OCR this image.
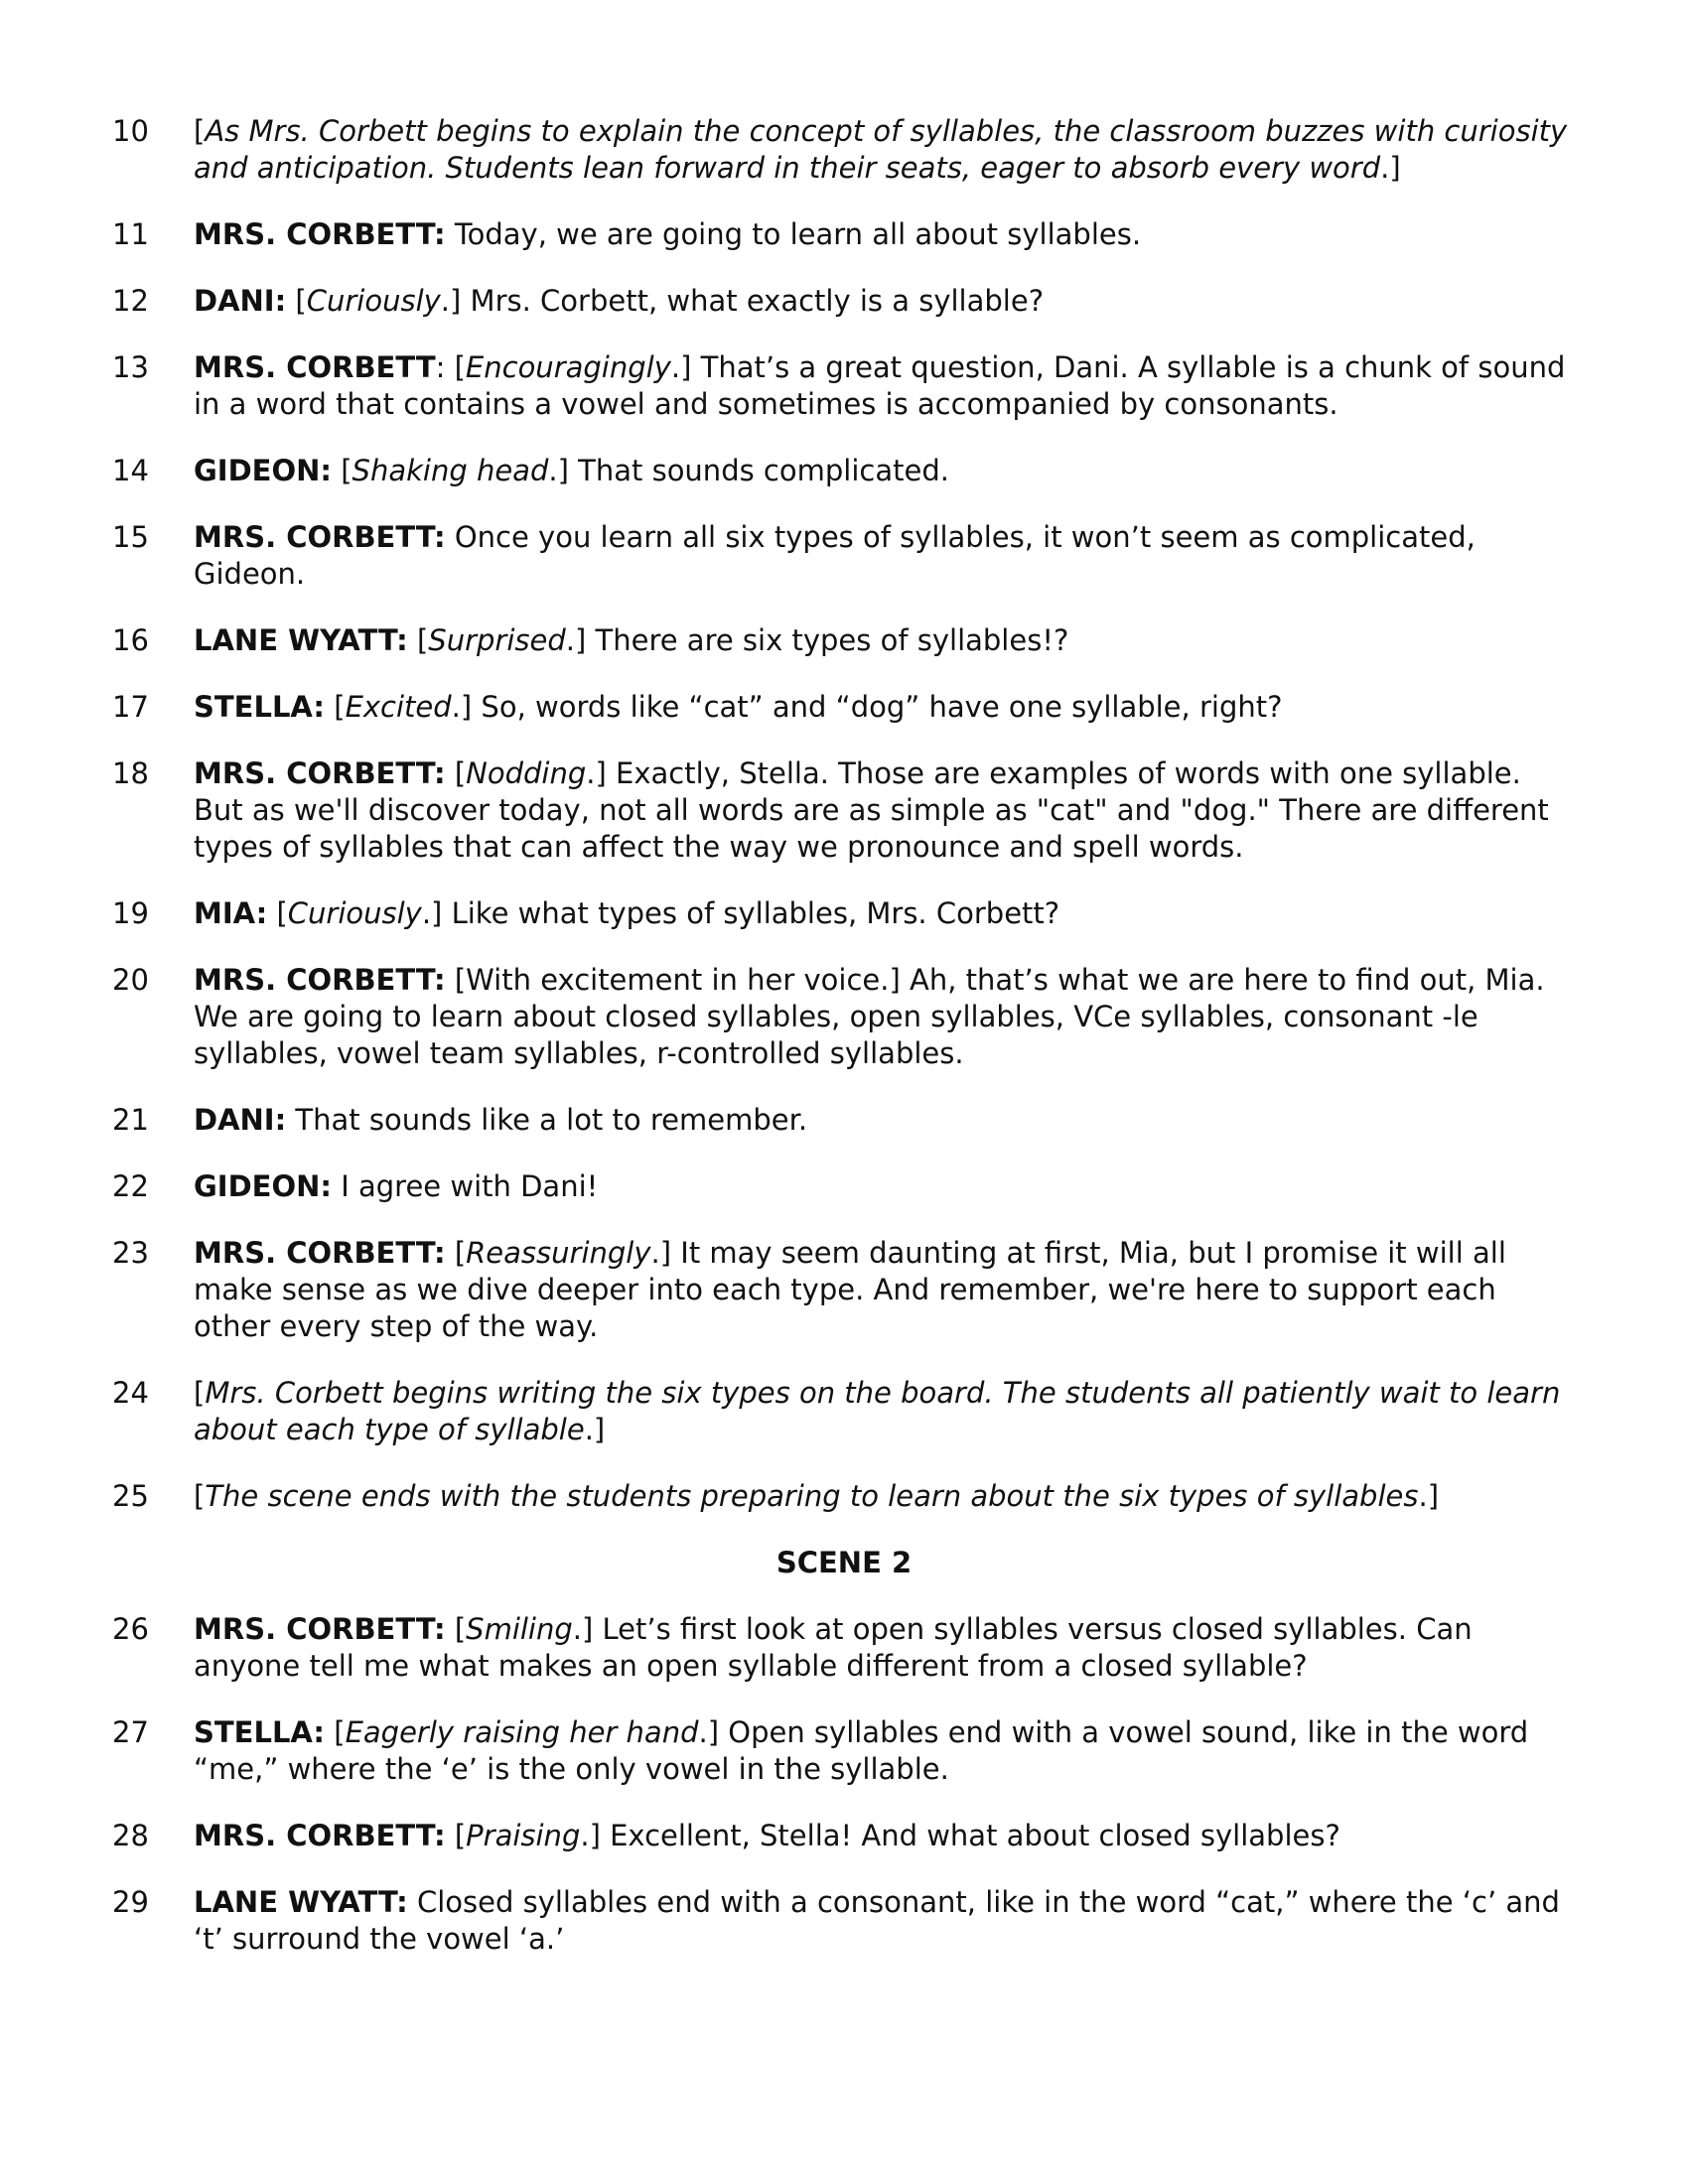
10	[As Mrs. Corbett begins to explain the concept of syllables, the classroom buzzes with curiosity and anticipation. Students lean forward in their seats, eager to absorb every word.]
11	MRS. CORBETT: Today, we are going to learn all about syllables.
12	DANI: [Curiously.] Mrs. Corbett, what exactly is a syllable?
13	MRS. CORBETT: [Encouragingly.] That’s a great question, Dani. A syllable is a chunk of sound in a word that contains a vowel and sometimes is accompanied by consonants.
14	GIDEON: [Shaking head.] That sounds complicated.
15	MRS. CORBETT: Once you learn all six types of syllables, it won’t seem as complicated, Gideon.
16	LANE WYATT: [Surprised.] There are six types of syllables!?
17	STELLA: [Excited.] So, words like “cat” and “dog” have one syllable, right?
18	MRS. CORBETT: [Nodding.] Exactly, Stella. Those are examples of words with one syllable. But as we'll discover today, not all words are as simple as "cat" and "dog." There are different types of syllables that can affect the way we pronounce and spell words.
19	MIA: [Curiously.] Like what types of syllables, Mrs. Corbett?
20	MRS. CORBETT: [With excitement in her voice.] Ah, that’s what we are here to find out, Mia. We are going to learn about closed syllables, open syllables, VCe syllables, consonant -le syllables, vowel team syllables, r-controlled syllables.
21	DANI: That sounds like a lot to remember.
22	GIDEON: I agree with Dani!
23	MRS. CORBETT: [Reassuringly.] It may seem daunting at first, Mia, but I promise it will all make sense as we dive deeper into each type. And remember, we're here to support each other every step of the way.
24	[Mrs. Corbett begins writing the six types on the board. The students all patiently wait to learn about each type of syllable.]
25	[The scene ends with the students preparing to learn about the six types of syllables.]
SCENE 2
26	MRS. CORBETT: [Smiling.] Let’s first look at open syllables versus closed syllables. Can anyone tell me what makes an open syllable different from a closed syllable?
27	STELLA: [Eagerly raising her hand.] Open syllables end with a vowel sound, like in the word “me,” where the ‘e’ is the only vowel in the syllable.
28	MRS. CORBETT: [Praising.] Excellent, Stella! And what about closed syllables?
29	LANE WYATT: Closed syllables end with a consonant, like in the word “cat,” where the ‘c’ and ‘t’ surround the vowel ‘a.’
